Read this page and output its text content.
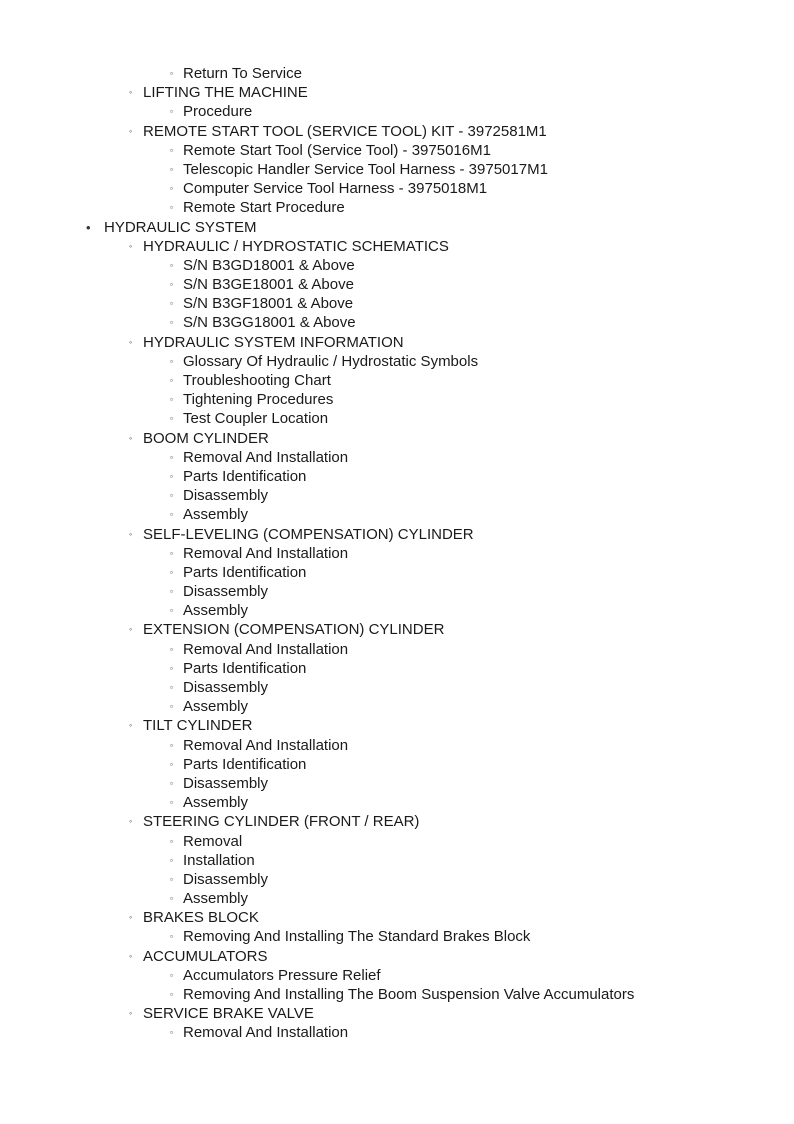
▫ Return To Service
◦ LIFTING THE MACHINE
▫ Procedure
◦ REMOTE START TOOL (SERVICE TOOL) KIT - 3972581M1
▫ Remote Start Tool (Service Tool) - 3975016M1
▫ Telescopic Handler Service Tool Harness - 3975017M1
▫ Computer Service Tool Harness - 3975018M1
▫ Remote Start Procedure
• HYDRAULIC SYSTEM
◦ HYDRAULIC / HYDROSTATIC SCHEMATICS
▫ S/N B3GD18001 & Above
▫ S/N B3GE18001 & Above
▫ S/N B3GF18001 & Above
▫ S/N B3GG18001 & Above
◦ HYDRAULIC SYSTEM INFORMATION
▫ Glossary Of Hydraulic / Hydrostatic Symbols
▫ Troubleshooting Chart
▫ Tightening Procedures
▫ Test Coupler Location
◦ BOOM CYLINDER
▫ Removal And Installation
▫ Parts Identification
▫ Disassembly
▫ Assembly
◦ SELF-LEVELING (COMPENSATION) CYLINDER
▫ Removal And Installation
▫ Parts Identification
▫ Disassembly
▫ Assembly
◦ EXTENSION (COMPENSATION) CYLINDER
▫ Removal And Installation
▫ Parts Identification
▫ Disassembly
▫ Assembly
◦ TILT CYLINDER
▫ Removal And Installation
▫ Parts Identification
▫ Disassembly
▫ Assembly
◦ STEERING CYLINDER (FRONT / REAR)
▫ Removal
▫ Installation
▫ Disassembly
▫ Assembly
◦ BRAKES BLOCK
▫ Removing And Installing The Standard Brakes Block
◦ ACCUMULATORS
▫ Accumulators Pressure Relief
▫ Removing And Installing The Boom Suspension Valve Accumulators
◦ SERVICE BRAKE VALVE
▫ Removal And Installation
